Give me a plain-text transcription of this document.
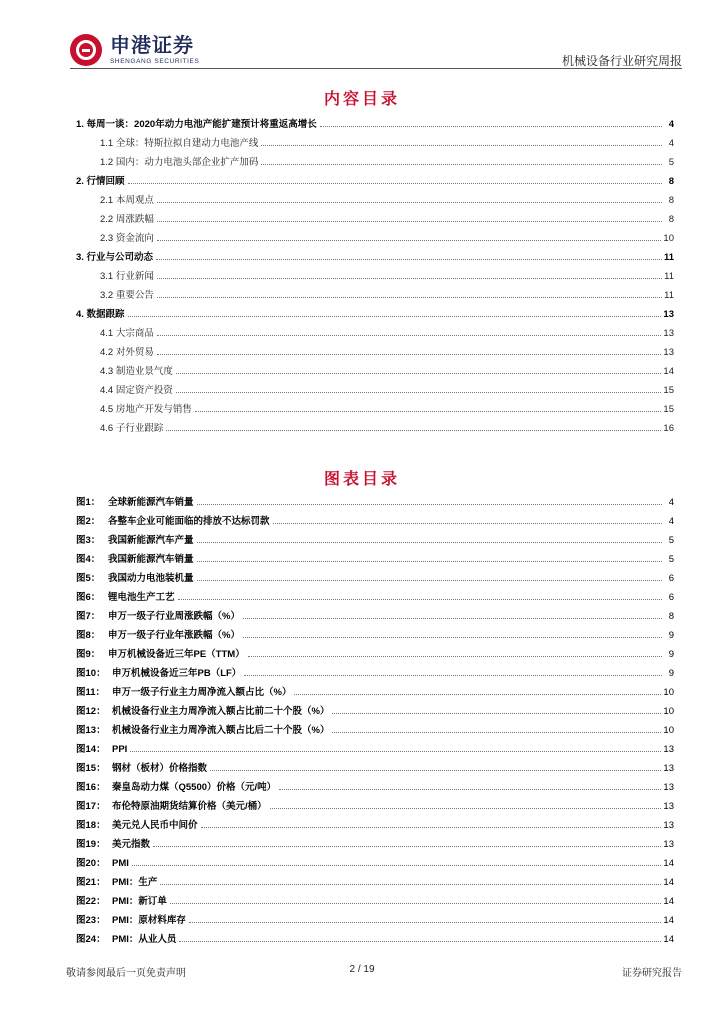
申港证券
SHENGANG SECURITIES	机械设备行业研究周报
内容目录
1. 每周一谈：2020年动力电池产能扩建预计将重返高增长	4
1.1 全球：特斯拉拟自建动力电池产线	4
1.2 国内：动力电池头部企业扩产加码	5
2. 行情回顾	8
2.1 本周观点	8
2.2 周涨跌幅	8
2.3 资金流向	10
3. 行业与公司动态	11
3.1 行业新闻	11
3.2 重要公告	11
4. 数据跟踪	13
4.1 大宗商品	13
4.2 对外贸易	13
4.3 制造业景气度	14
4.4 固定资产投资	15
4.5 房地产开发与销售	15
4.6 子行业跟踪	16
图表目录
图1： 全球新能源汽车销量	4
图2： 各整车企业可能面临的排放不达标罚款	4
图3： 我国新能源汽车产量	5
图4： 我国新能源汽车销量	5
图5： 我国动力电池装机量	6
图6： 锂电池生产工艺	6
图7： 申万一级子行业周涨跌幅（%）	8
图8： 申万一级子行业年涨跌幅（%）	9
图9： 申万机械设备近三年PE（TTM）	9
图10： 申万机械设备近三年PB（LF）	9
图11： 申万一级子行业主力周净流入额占比（%）	10
图12： 机械设备行业主力周净流入额占比前二十个股（%）	10
图13： 机械设备行业主力周净流入额占比后二十个股（%）	10
图14： PPI	13
图15： 钢材（板材）价格指数	13
图16： 秦皇岛动力煤（Q5500）价格（元/吨）	13
图17： 布伦特原油期货结算价格（美元/桶）	13
图18： 美元兑人民币中间价	13
图19： 美元指数	13
图20： PMI	14
图21： PMI：生产	14
图22： PMI：新订单	14
图23： PMI：原材料库存	14
图24： PMI：从业人员	14
敬请参阅最后一页免责声明	2 / 19	证券研究报告
